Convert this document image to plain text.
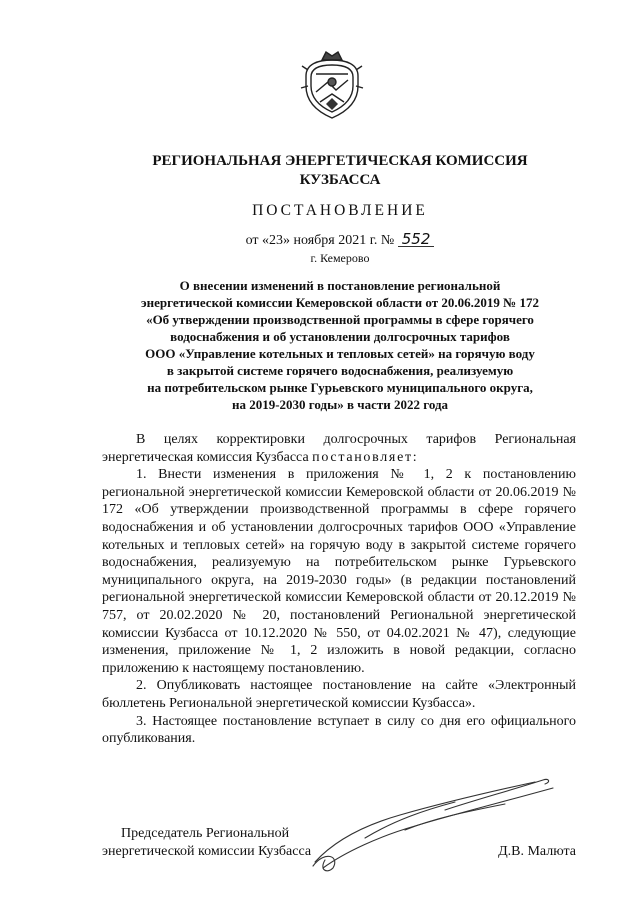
РЕГИОНАЛЬНАЯ ЭНЕРГЕТИЧЕСКАЯ КОМИССИЯ
КУЗБАССА
ПОСТАНОВЛЕНИЕ
от «23» ноября 2021 г. № 552
г. Кемерово
О внесении изменений в постановление региональной
энергетической комиссии Кемеровской области от 20.06.2019 № 172
«Об утверждении производственной программы в сфере горячего
водоснабжения и об установлении долгосрочных тарифов
ООО «Управление котельных и тепловых сетей» на горячую воду
в закрытой системе горячего водоснабжения, реализуемую
на потребительском рынке Гурьевского муниципального округа,
на 2019-2030 годы» в части 2022 года

В целях корректировки долгосрочных тарифов Региональная энергетическая комиссия Кузбасса постановляет:

1. Внести изменения в приложения № 1, 2 к постановлению региональной энергетической комиссии Кемеровской области от 20.06.2019 № 172 «Об утверждении производственной программы в сфере горячего водоснабжения и об установлении долгосрочных тарифов ООО «Управление котельных и тепловых сетей» на горячую воду в закрытой системе горячего водоснабжения, реализуемую на потребительском рынке Гурьевского муниципального округа, на 2019-2030 годы» (в редакции постановлений региональной энергетической комиссии Кемеровской области от 20.12.2019 № 757, от 20.02.2020 № 20, постановлений Региональной энергетической комиссии Кузбасса от 10.12.2020 № 550, от 04.02.2021 № 47), следующие изменения, приложение № 1, 2 изложить в новой редакции, согласно приложению к настоящему постановлению.

2. Опубликовать настоящее постановление на сайте «Электронный бюллетень Региональной энергетической комиссии Кузбасса».

3. Настоящее постановление вступает в силу со дня его официального опубликования.

Председатель Региональной
энергетической комиссии Кузбасса	Д.В. Малюта
